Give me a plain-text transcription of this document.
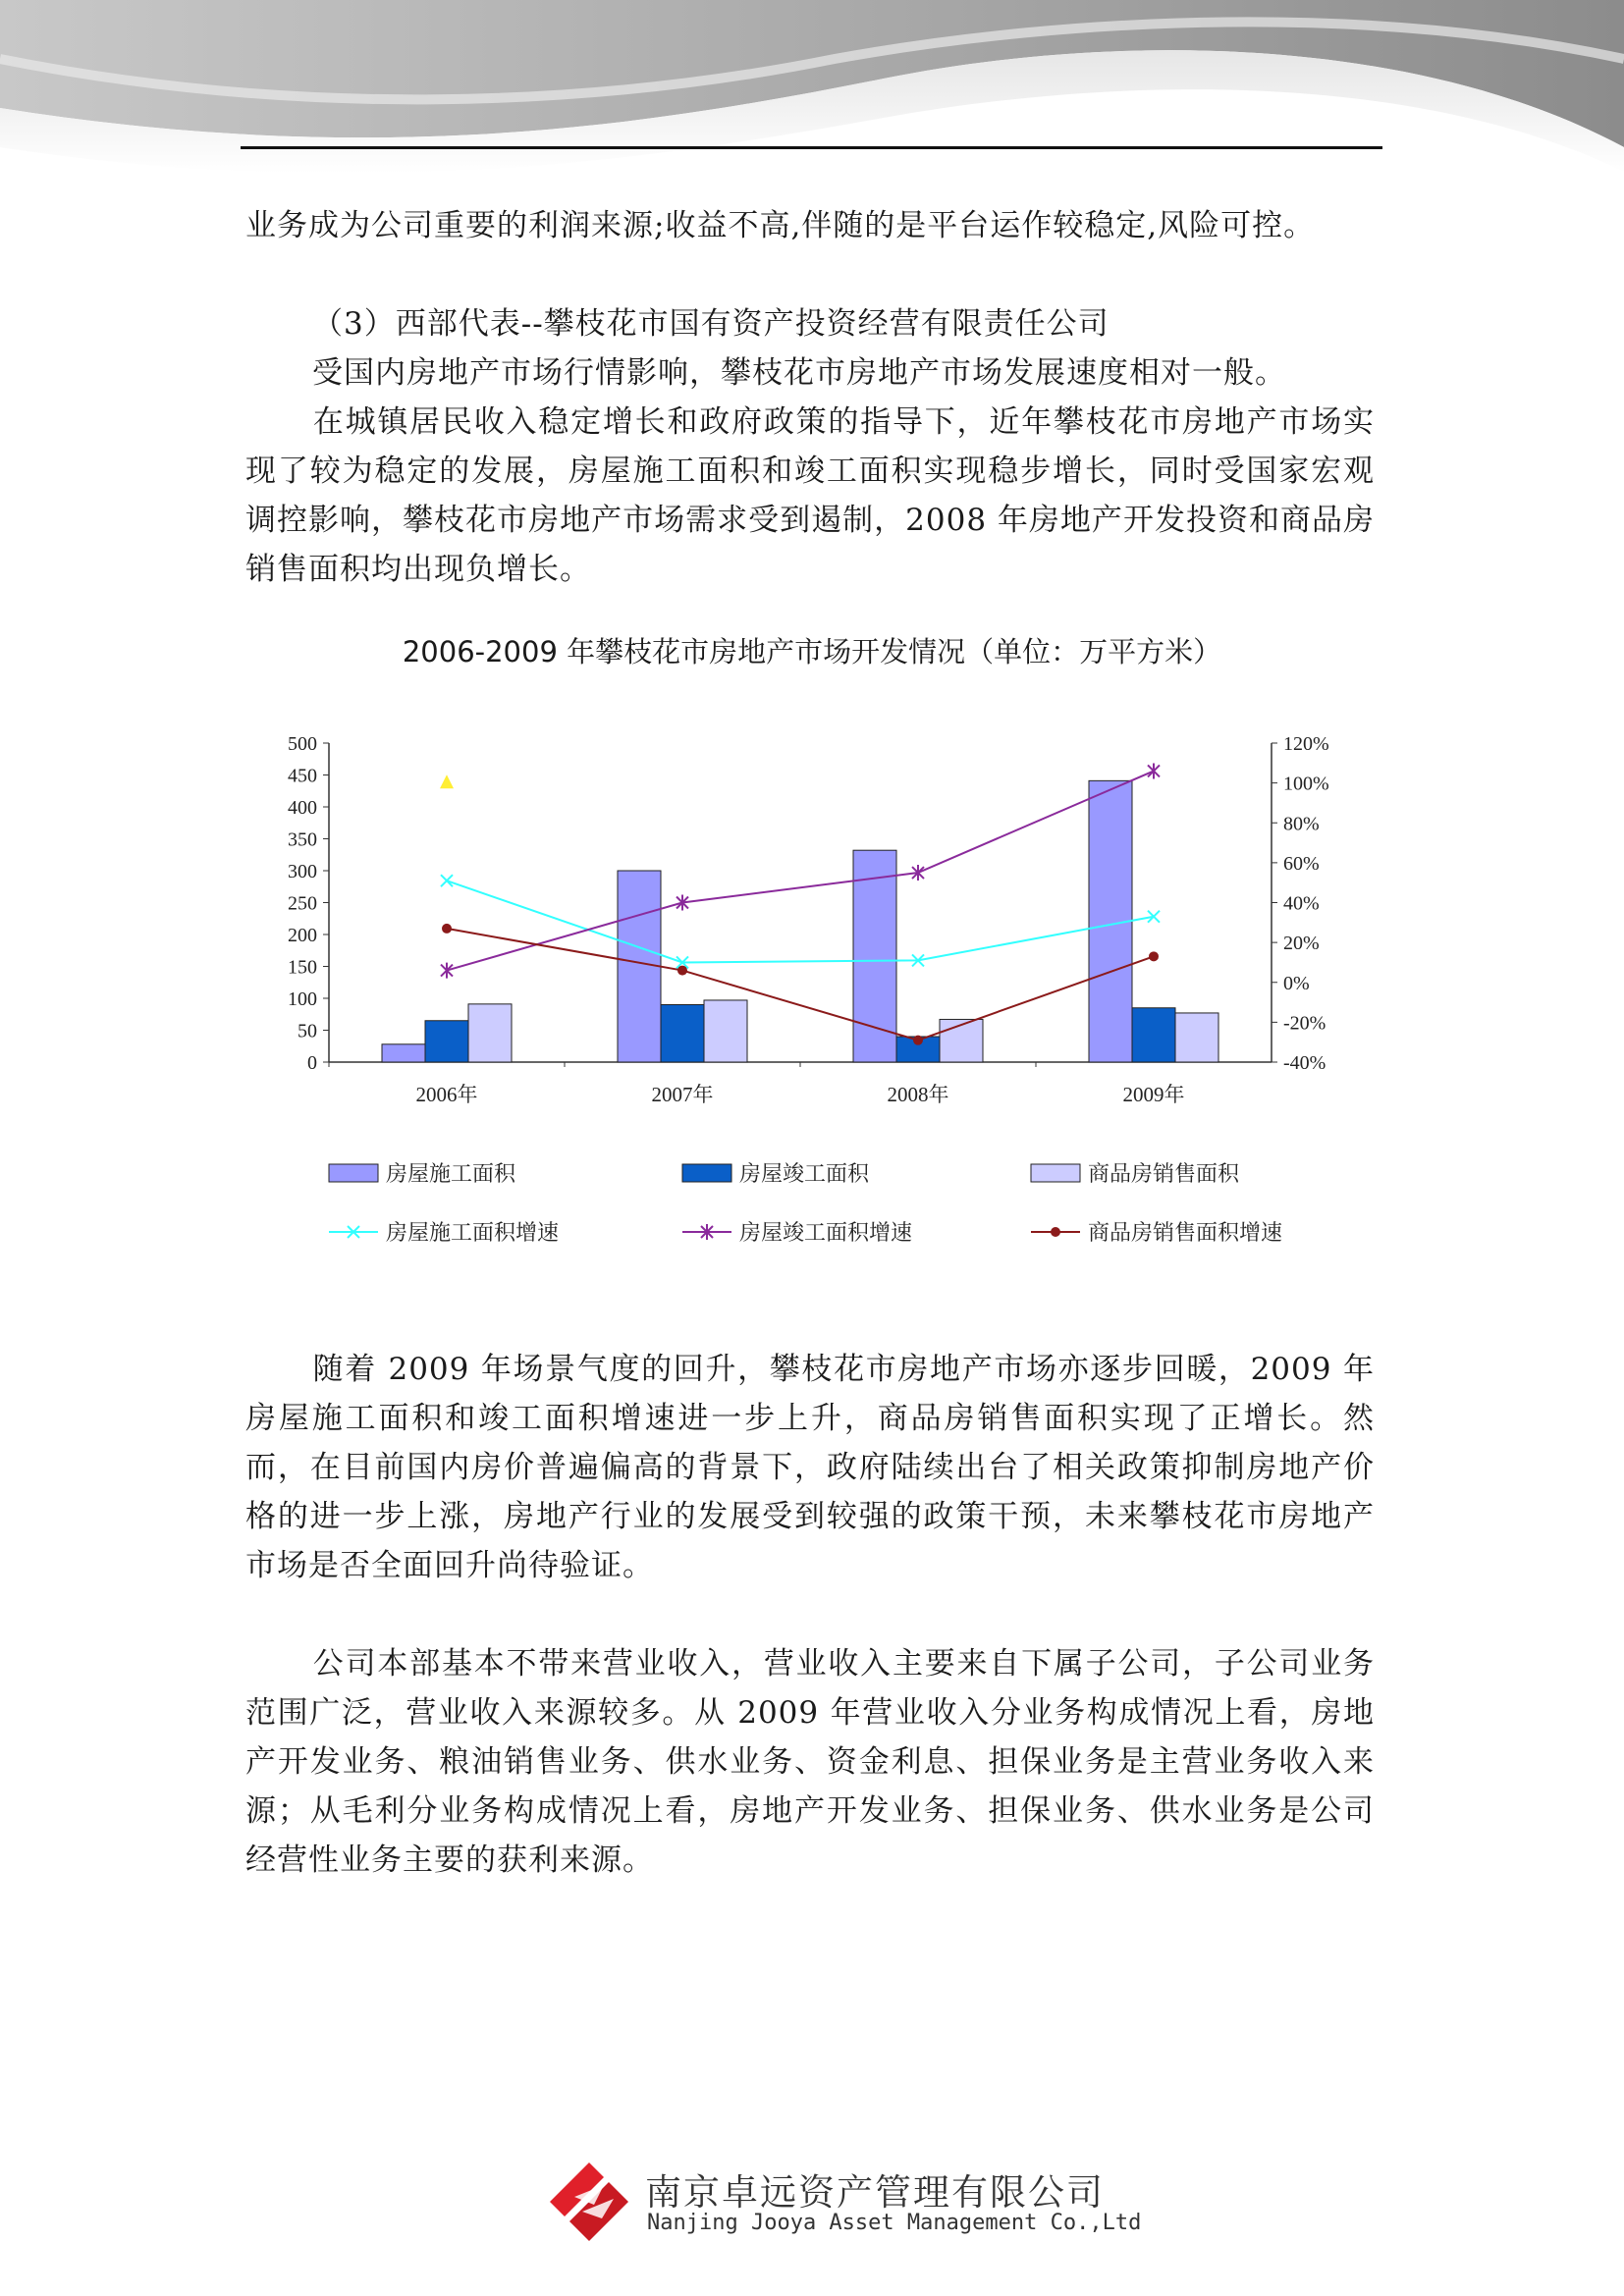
业务成为公司重要的利润来源;收益不高,伴随的是平台运作较稳定,风险可控。
（3）西部代表--攀枝花市国有资产投资经营有限责任公司

受国内房地产市场行情影响，攀枝花市房地产市场发展速度相对一般。

在城镇居民收入稳定增长和政府政策的指导下，近年攀枝花市房地产市场实现了较为稳定的发展，房屋施工面积和竣工面积实现稳步增长，同时受国家宏观调控影响，攀枝花市房地产市场需求受到遏制，2008 年房地产开发投资和商品房销售面积均出现负增长。

2006-2009 年攀枝花市房地产市场开发情况（单位：万平方米）
500
450
400
350
300
250
200
150
100
50
0
120%
100%
80%
60%
40%
20%
0%
-20%
-40%
2006年	2007年	2008年	2009年
房屋施工面积	房屋竣工面积	商品房销售面积
房屋施工面积增速	房屋竣工面积增速	商品房销售面积增速

随着 2009 年场景气度的回升，攀枝花市房地产市场亦逐步回暖，2009 年房屋施工面积和竣工面积增速进一步上升，商品房销售面积实现了正增长。然而，在目前国内房价普遍偏高的背景下，政府陆续出台了相关政策抑制房地产价格的进一步上涨，房地产行业的发展受到较强的政策干预，未来攀枝花市房地产市场是否全面回升尚待验证。

公司本部基本不带来营业收入，营业收入主要来自下属子公司，子公司业务范围广泛，营业收入来源较多。从 2009 年营业收入分业务构成情况上看，房地产开发业务、粮油销售业务、供水业务、资金利息、担保业务是主营业务收入来源；从毛利分业务构成情况上看，房地产开发业务、担保业务、供水业务是公司经营性业务主要的获利来源。

南京卓远资产管理有限公司
Nanjing Jooya Asset Management Co.,Ltd
